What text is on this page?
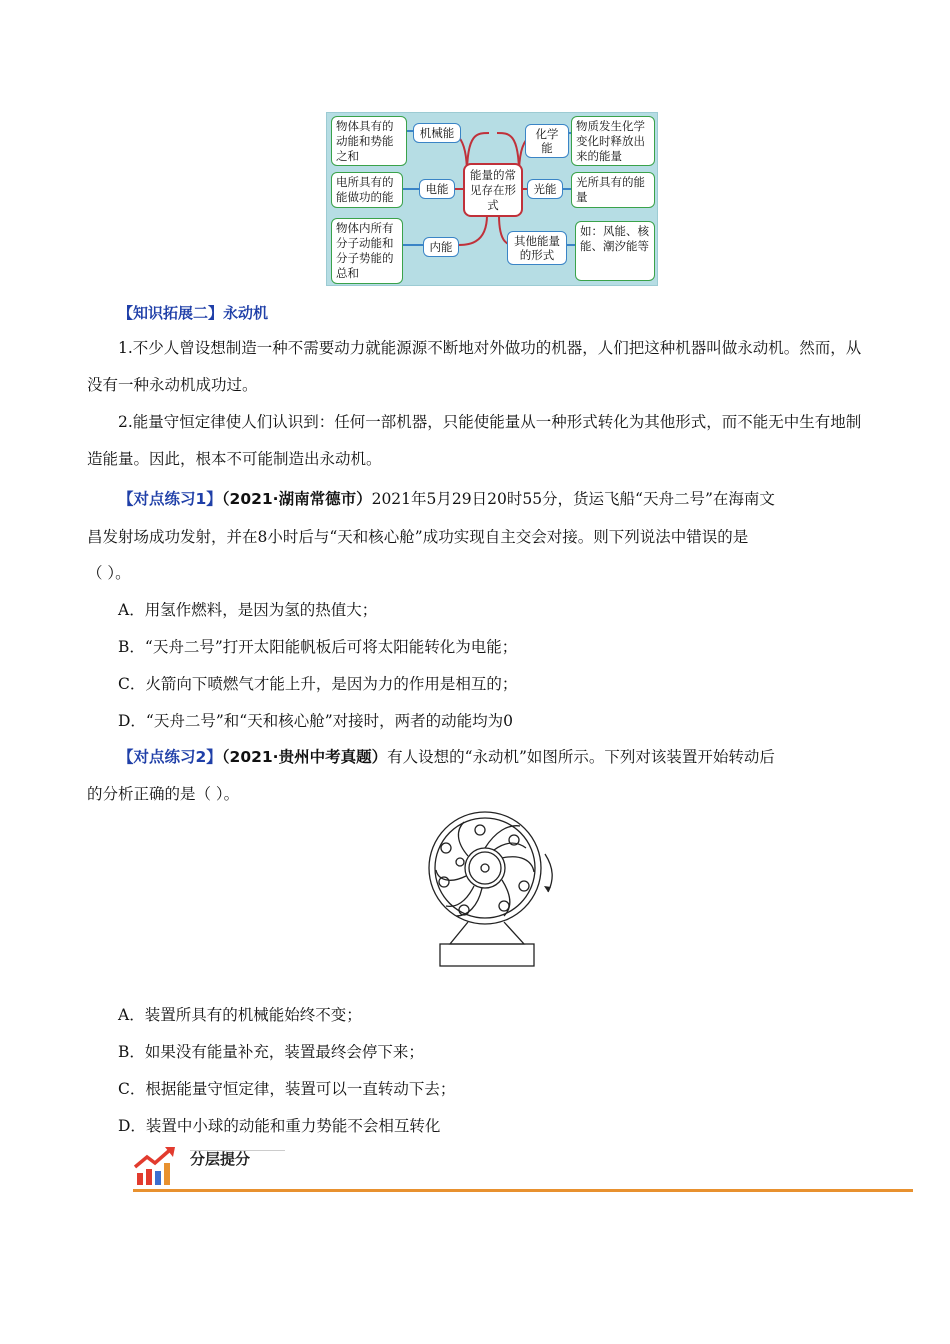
物体具有的动能和势能之和
机械能
电所具有的能做功的能
电能
物体内所有分子动能和分子势能的总和
内能
能量的常见存在形式
化学能
物质发生化学变化时释放出来的能量
光能	光所具有的能量
其他能量的形式
如：风能、核能、潮汐能等
【知识拓展二】永动机
1.不少人曾设想制造一种不需要动力就能源源不断地对外做功的机器，人们把这种机器叫做永动机。然而，从没有一种永动机成功过。
2.能量守恒定律使人们认识到：任何一部机器，只能使能量从一种形式转化为其他形式，而不能无中生有地制造能量。因此，根本不可能制造出永动机。
【对点练习1】（2021·湖南常德市）2021年5月29日20时55分，货运飞船“天舟二号”在海南文
昌发射场成功发射，并在8小时后与“天和核心舱”成功实现自主交会对接。则下列说法中错误的是
（ ）。
A．用氢作燃料，是因为氢的热值大；
B．“天舟二号”打开太阳能帆板后可将太阳能转化为电能；
C．火箭向下喷燃气才能上升，是因为力的作用是相互的；
D．“天舟二号”和“天和核心舱”对接时，两者的动能均为0
【对点练习2】（2021·贵州中考真题）有人设想的“永动机”如图所示。下列对该装置开始转动后
的分析正确的是（ ）。
A．装置所具有的机械能始终不变；
B．如果没有能量补充，装置最终会停下来；
C．根据能量守恒定律，装置可以一直转动下去；
D．装置中小球的动能和重力势能不会相互转化
分层提分
